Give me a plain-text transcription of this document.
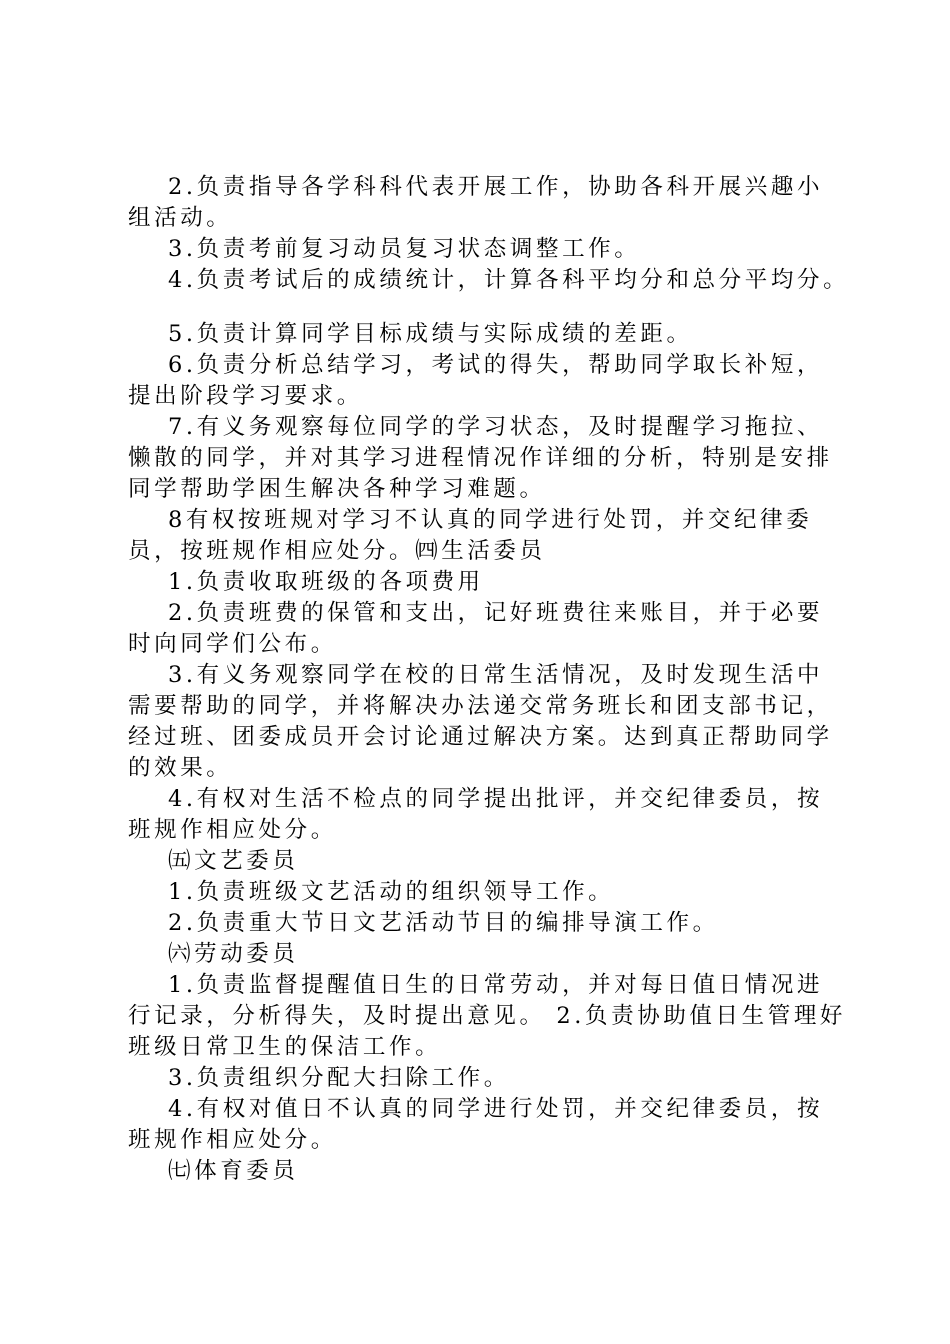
2.负责指导各学科科代表开展工作，协助各科开展兴趣小
组活动。
3.负责考前复习动员复习状态调整工作。
4.负责考试后的成绩统计，计算各科平均分和总分平均分。
5.负责计算同学目标成绩与实际成绩的差距。
6.负责分析总结学习，考试的得失，帮助同学取长补短，
提出阶段学习要求。
7.有义务观察每位同学的学习状态，及时提醒学习拖拉、
懒散的同学，并对其学习进程情况作详细的分析，特别是安排
同学帮助学困生解决各种学习难题。
8有权按班规对学习不认真的同学进行处罚，并交纪律委
员，按班规作相应处分。㈣生活委员
1.负责收取班级的各项费用
2.负责班费的保管和支出，记好班费往来账目，并于必要
时向同学们公布。
3.有义务观察同学在校的日常生活情况，及时发现生活中
需要帮助的同学，并将解决办法递交常务班长和团支部书记，
经过班、团委成员开会讨论通过解决方案。达到真正帮助同学
的效果。
4.有权对生活不检点的同学提出批评，并交纪律委员，按
班规作相应处分。
㈤文艺委员
1.负责班级文艺活动的组织领导工作。
2.负责重大节日文艺活动节目的编排导演工作。
㈥劳动委员
1.负责监督提醒值日生的日常劳动，并对每日值日情况进
行记录，分析得失，及时提出意见。 2.负责协助值日生管理好
班级日常卫生的保洁工作。
3.负责组织分配大扫除工作。
4.有权对值日不认真的同学进行处罚，并交纪律委员，按
班规作相应处分。
㈦体育委员
